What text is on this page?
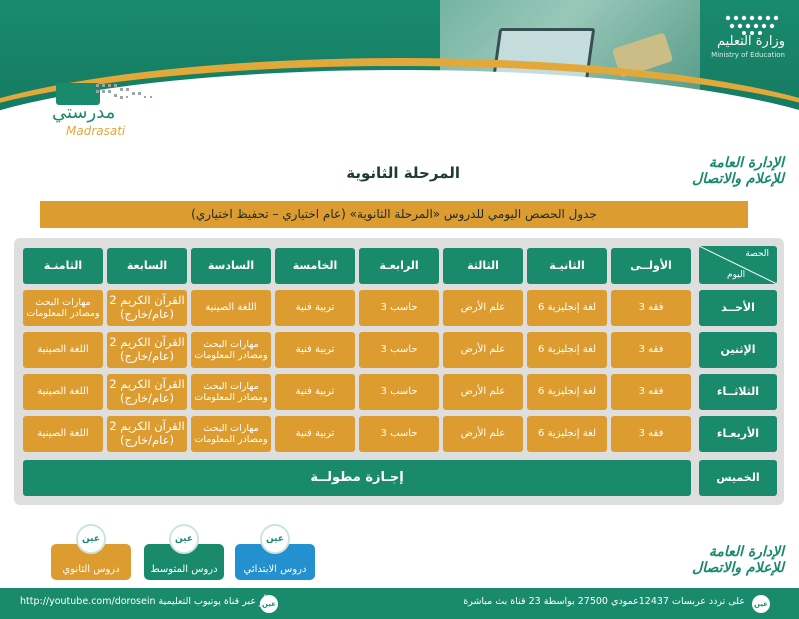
وزارة التعليم
Ministry of Education
الأسبوع العاشر
الفصل الأول 1443هـ
مدرستي
Madrasati
المرحلة الثانوية
الإدارة العامة للإعلام والاتصال
جدول الحصص اليومي للدروس «المرحلة الثانوية» (عام اختياري – تحفيظ اختياري)
الحصة
اليوم
الأولــى
الثانيـة
الثالثة
الرابعـة
الخامسة
السادسة
السابعة
الثامنـة
الأحــد
فقه 3
لغة إنجليزية 6
علم الأرض
حاسب 3
تربية فنية
اللغة الصينية
القرآن الكريم 2
(عام/خارج)
مهارات البحث
ومصادر المعلومات
الإثنين
فقه 3
لغة إنجليزية 6
علم الأرض
حاسب 3
تربية فنية
مهارات البحث
ومصادر المعلومات
القرآن الكريم 2
(عام/خارج)
اللغة الصينية
الثلاثــاء
فقه 3
لغة إنجليزية 6
علم الأرض
حاسب 3
تربية فنية
مهارات البحث
ومصادر المعلومات
القرآن الكريم 2
(عام/خارج)
اللغة الصينية
الأربعـاء
فقه 3
لغة إنجليزية 6
علم الأرض
حاسب 3
تربية فنية
مهارات البحث
ومصادر المعلومات
القرآن الكريم 2
(عام/خارج)
اللغة الصينية
الخميس
إجـازة مطولــة
عين
دروس الابتدائي
عين
دروس المتوسط
عين
دروس الثانوي
الإدارة العامة للإعلام والاتصال
عين	عين
http://youtube.com/dorosein أو عبر قناة يوتيوب التعليمية	على تردد عربسات 12437عمودي 27500 بواسطة 23 قناة بث مباشرة
